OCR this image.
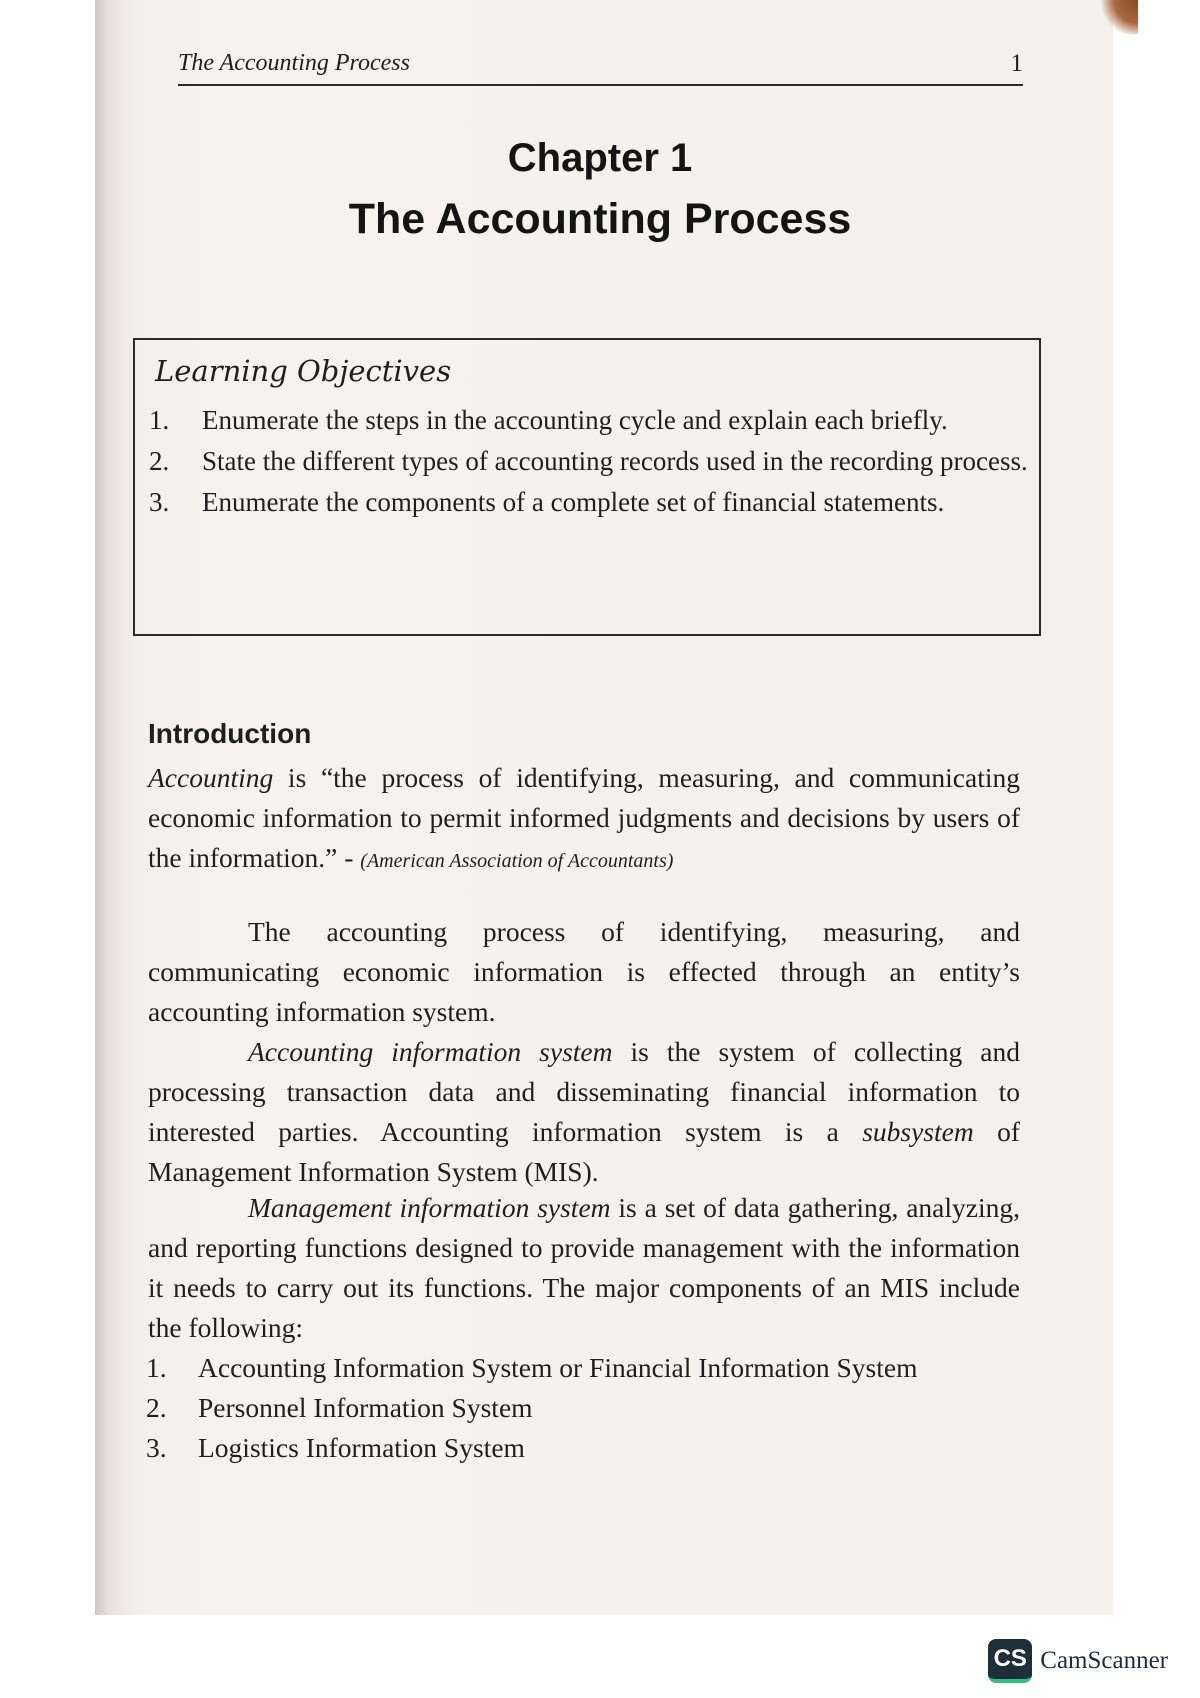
The Accounting Process	1
Chapter 1
The Accounting Process
Learning Objectives
1. Enumerate the steps in the accounting cycle and explain each briefly.
2. State the different types of accounting records used in the recording process.
3. Enumerate the components of a complete set of financial statements.
Introduction

Accounting is “the process of identifying, measuring, and communicating economic information to permit informed judgments and decisions by users of the information.” - (American Association of Accountants)

The accounting process of identifying, measuring, and communicating economic information is effected through an entity’s accounting information system.

Accounting information system is the system of collecting and processing transaction data and disseminating financial information to interested parties. Accounting information system is a subsystem of Management Information System (MIS).

Management information system is a set of data gathering, analyzing, and reporting functions designed to provide management with the information it needs to carry out its functions. The major components of an MIS include the following:

1. Accounting Information System or Financial Information System
2. Personnel Information System
3. Logistics Information System
CS CamScanner
